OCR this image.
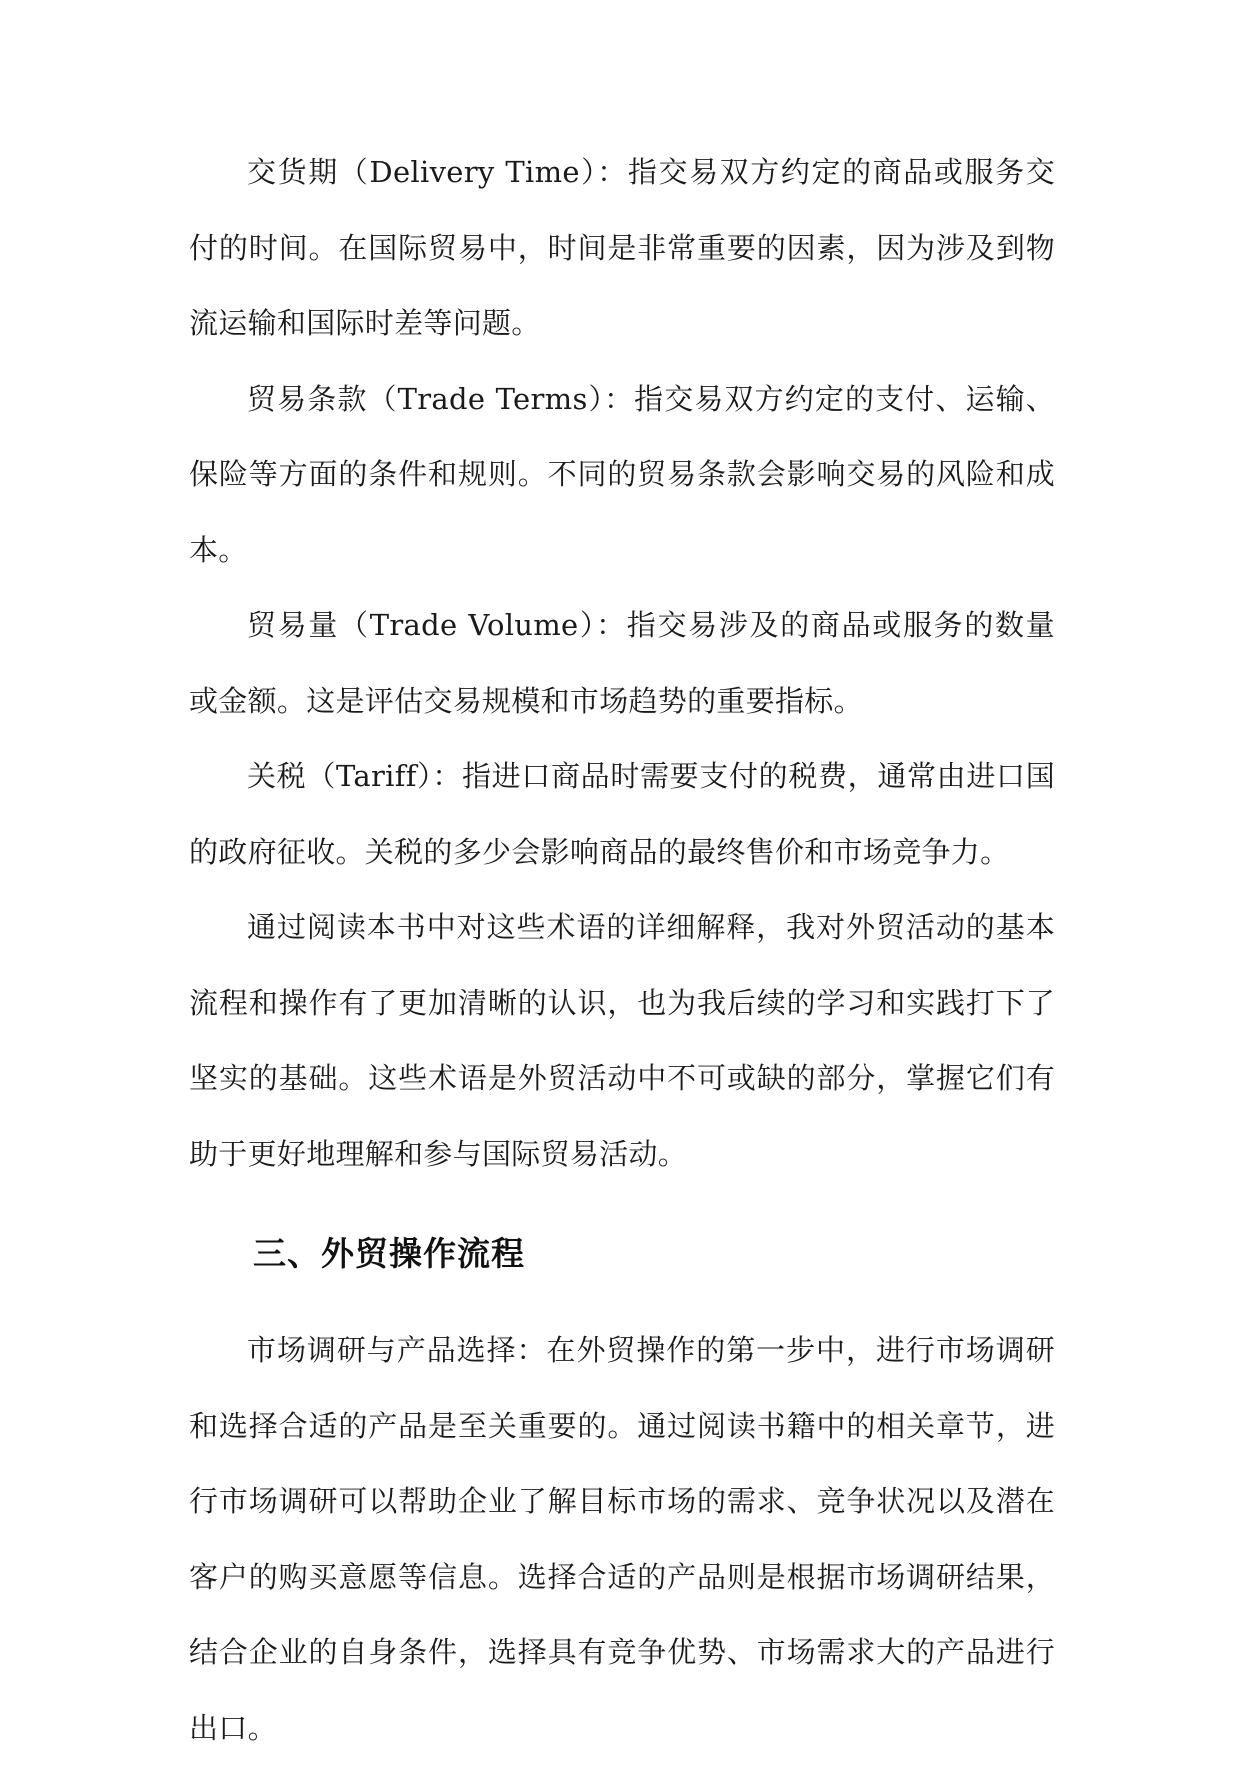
交货期（Delivery Time）：指交易双方约定的商品或服务交付的时间。在国际贸易中，时间是非常重要的因素，因为涉及到物流运输和国际时差等问题。

贸易条款（Trade Terms）：指交易双方约定的支付、运输、保险等方面的条件和规则。不同的贸易条款会影响交易的风险和成本。

贸易量（Trade Volume）：指交易涉及的商品或服务的数量或金额。这是评估交易规模和市场趋势的重要指标。

关税（Tariff）：指进口商品时需要支付的税费，通常由进口国的政府征收。关税的多少会影响商品的最终售价和市场竞争力。

通过阅读本书中对这些术语的详细解释，我对外贸活动的基本流程和操作有了更加清晰的认识，也为我后续的学习和实践打下了坚实的基础。这些术语是外贸活动中不可或缺的部分，掌握它们有助于更好地理解和参与国际贸易活动。

三、外贸操作流程

市场调研与产品选择：在外贸操作的第一步中，进行市场调研和选择合适的产品是至关重要的。通过阅读书籍中的相关章节，进行市场调研可以帮助企业了解目标市场的需求、竞争状况以及潜在客户的购买意愿等信息。选择合适的产品则是根据市场调研结果，结合企业的自身条件，选择具有竞争优势、市场需求大的产品进行出口。
